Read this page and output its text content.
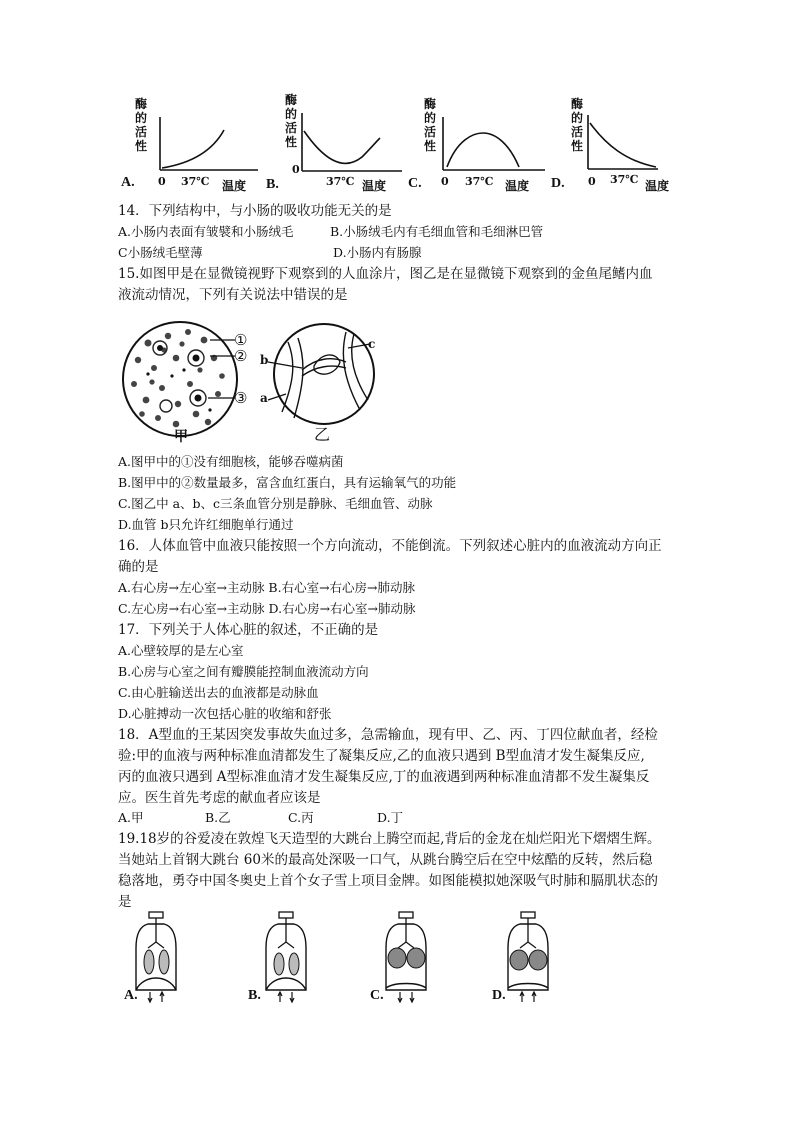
酶的活性
A. 0 37℃ 温度
酶的活性
B.
0
37℃ 温度
酶的活性
C. 0 37℃ 温度
酶的活性
D. 0 37℃ 温度
14．下列结构中，与小肠的吸收功能无关的是
A.小肠内表面有皱襞和小肠绒毛	B.小肠绒毛内有毛细血管和毛细淋巴管
C小肠绒毛壁薄	D.小肠内有肠腺
15.如图甲是在显微镜视野下观察到的人血涂片，图乙是在显微镜下观察到的金鱼尾鳍内血
液流动情况，下列有关说法中错误的是
①
②
③
甲
b
a
c
乙
A.图甲中的①没有细胞核，能够吞噬病菌
B.图甲中的②数量最多，富含血红蛋白，具有运输氧气的功能
C.图乙中 a、b、c三条血管分别是静脉、毛细血管、动脉
D.血管 b只允许红细胞单行通过
16．人体血管中血液只能按照一个方向流动，不能倒流。下列叙述心脏内的血液流动方向正
确的是
A.右心房→左心室→主动脉 B.右心室→右心房→肺动脉
C.左心房→右心室→主动脉 D.右心房→右心室→肺动脉
17．下列关于人体心脏的叙述，不正确的是
A.心壁较厚的是左心室
B.心房与心室之间有瓣膜能控制血液流动方向
C.由心脏输送出去的血液都是动脉血
D.心脏搏动一次包括心脏的收缩和舒张
18．A型血的王某因突发事故失血过多，急需输血，现有甲、乙、丙、丁四位献血者，经检
验:甲的血液与两种标准血清都发生了凝集反应,乙的血液只遇到 B型血清才发生凝集反应,
丙的血液只遇到 A型标准血清才发生凝集反应,丁的血液遇到两种标准血清都不发生凝集反
应。医生首先考虑的献血者应该是
A.甲	B.乙	C.丙	D.丁
19.18岁的谷爱凌在敦煌飞天造型的大跳台上腾空而起,背后的金龙在灿烂阳光下熠熠生辉。
当她站上首钢大跳台 60米的最高处深吸一口气，从跳台腾空后在空中炫酷的反转，然后稳
稳落地，勇夺中国冬奥史上首个女子雪上项目金牌。如图能模拟她深吸气时肺和膈肌状态的
是
A.	B.	C.	D.
